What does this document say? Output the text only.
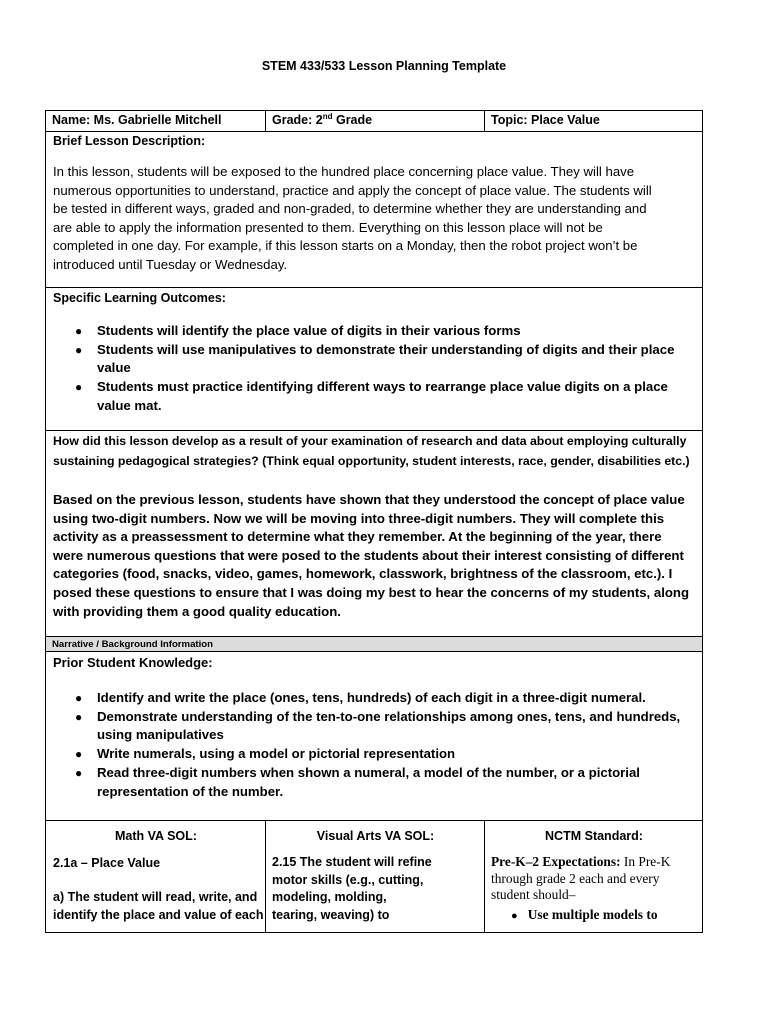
STEM 433/533 Lesson Planning Template
Name: Ms. Gabrielle Mitchell	Grade: 2nd Grade	Topic: Place Value
Brief Lesson Description:
In this lesson, students will be exposed to the hundred place concerning place value. They will have
numerous opportunities to understand, practice and apply the concept of place value. The students will
be tested in different ways, graded and non-graded, to determine whether they are understanding and
are able to apply the information presented to them. Everything on this lesson place will not be
completed in one day. For example, if this lesson starts on a Monday, then the robot project won’t be
introduced until Tuesday or Wednesday.
Specific Learning Outcomes:
● Students will identify the place value of digits in their various forms
● Students will use manipulatives to demonstrate their understanding of digits and their place
value
● Students must practice identifying different ways to rearrange place value digits on a place
value mat.
How did this lesson develop as a result of your examination of research and data about employing culturally
sustaining pedagogical strategies? (Think equal opportunity, student interests, race, gender, disabilities etc.)
Based on the previous lesson, students have shown that they understood the concept of place value
using two-digit numbers. Now we will be moving into three-digit numbers. They will complete this
activity as a preassessment to determine what they remember. At the beginning of the year, there
were numerous questions that were posed to the students about their interest consisting of different
categories (food, snacks, video, games, homework, classwork, brightness of the classroom, etc.). I
posed these questions to ensure that I was doing my best to hear the concerns of my students, along
with providing them a good quality education.
Narrative / Background Information
Prior Student Knowledge:
● Identify and write the place (ones, tens, hundreds) of each digit in a three-digit numeral.
● Demonstrate understanding of the ten-to-one relationships among ones, tens, and hundreds,
using manipulatives
● Write numerals, using a model or pictorial representation
● Read three-digit numbers when shown a numeral, a model of the number, or a pictorial
representation of the number.
Math VA SOL:
2.1a – Place Value
a) The student will read, write, and
identify the place and value of each
Visual Arts VA SOL:
2.15 The student will refine
motor skills (e.g., cutting,
modeling, molding,
tearing, weaving) to
NCTM Standard:
Pre-K–2 Expectations: In Pre-K
through grade 2 each and every
student should–
● Use multiple models to
